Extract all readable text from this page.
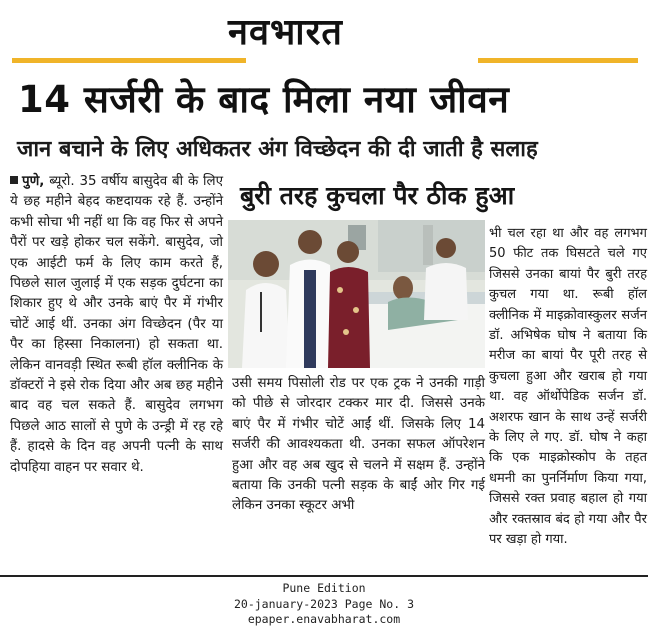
नवभारत
14 सर्जरी के बाद मिला नया जीवन
जान बचाने के लिए अधिकतर अंग विच्छेदन की दी जाती है सलाह
पुणे, ब्यूरो. 35 वर्षीय बासुदेव बी के लिए ये छह महीने बेहद कष्टदायक रहे हैं. उन्होंने कभी सोचा भी नहीं था कि वह फिर से अपने पैरों पर खड़े होकर चल सकेंगे. बासुदेव, जो एक आईटी फर्म के लिए काम करते हैं, पिछले साल जुलाई में एक सड़क दुर्घटना का शिकार हुए थे और उनके बाएं पैर में गंभीर चोटें आई थीं. उनका अंग विच्छेदन (पैर या पैर का हिस्सा निकालना) हो सकता था. लेकिन वानवड़ी स्थित रूबी हॉल क्लीनिक के डॉक्टरों ने इसे रोक दिया और अब छह महीने बाद वह चल सकते हैं. बासुदेव लगभग पिछले आठ सालों से पुणे के उन्ड्री में रह रहे हैं. हादसे के दिन वह अपनी पत्नी के साथ दोपहिया वाहन पर सवार थे.
बुरी तरह कुचला पैर ठीक हुआ
भी चल रहा था और वह लगभग 50 फीट तक घिसटते चले गए जिससे उनका बायां पैर बुरी तरह कुचल गया था. रूबी हॉल क्लीनिक में माइक्रोवास्कुलर सर्जन डॉ. अभिषेक घोष ने बताया कि मरीज का बायां पैर पूरी तरह से कुचला हुआ और खराब हो गया था. वह ऑर्थोपेडिक सर्जन डॉ. अशरफ खान के साथ उन्हें सर्जरी के लिए ले गए. डॉ. घोष ने कहा कि एक माइक्रोस्कोप के तहत धमनी का पुनर्निर्माण किया गया, जिससे रक्त प्रवाह बहाल हो गया और रक्तस्राव बंद हो गया और पैर पर खड़ा हो गया.
उसी समय पिसोली रोड पर एक ट्रक ने उनकी गाड़ी को पीछे से जोरदार टक्कर मार दी. जिससे उनके बाएं पैर में गंभीर चोटें आईं थीं. जिसके लिए 14 सर्जरी की आवश्यकता थी. उनका सफल ऑपरेशन हुआ और वह अब खुद से चलने में सक्षम हैं. उन्होंने बताया कि उनकी पत्नी सड़क के बाईं ओर गिर गई लेकिन उनका स्कूटर अभी
Pune Edition
20-january-2023 Page No. 3
epaper.enavabharat.com
